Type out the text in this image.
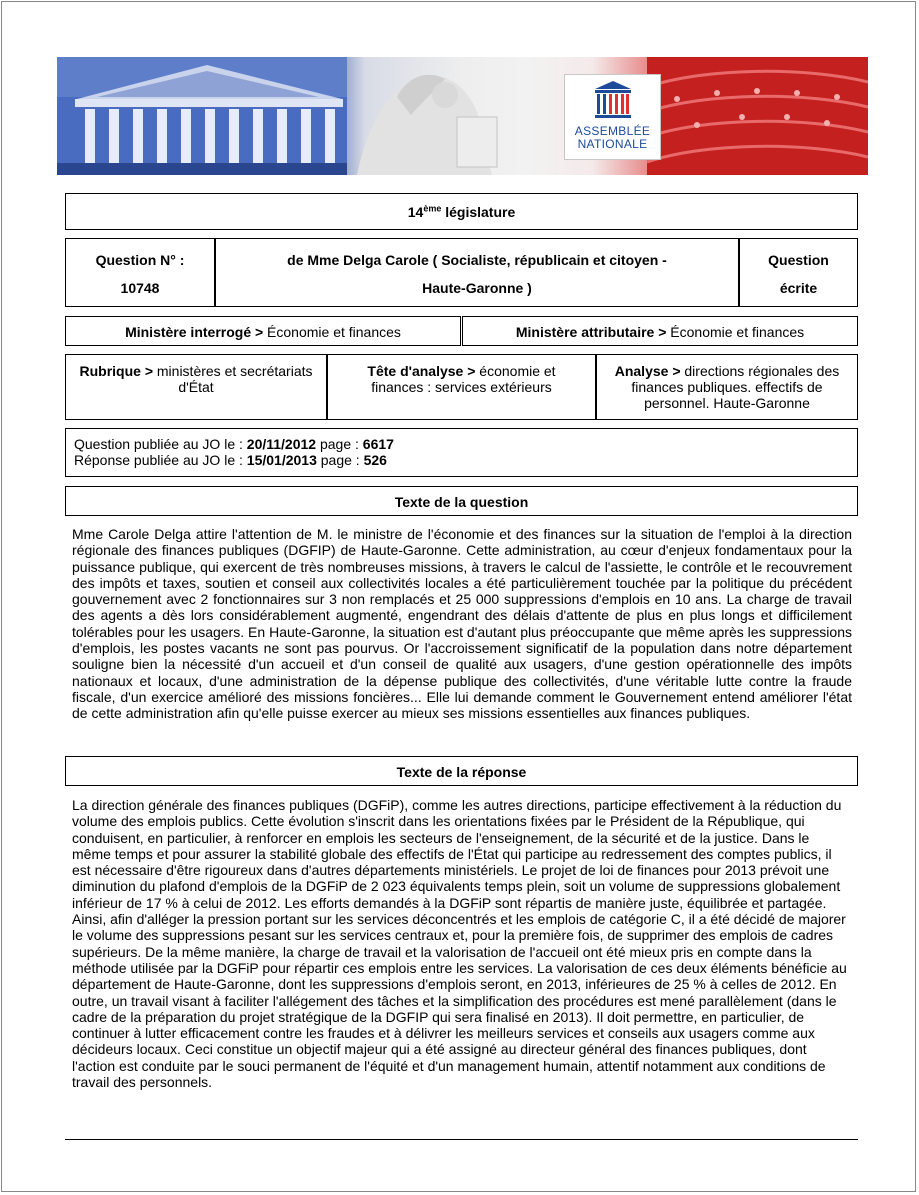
ASSEMBLÉE
NATIONALE
14ème législature
Question N° :
10748
de Mme Delga Carole ( Socialiste, républicain et citoyen -
Haute-Garonne )
Question
écrite
Ministère interrogé > Économie et finances	Ministère attributaire > Économie et finances
Rubrique > ministères et secrétariats d'État
Tête d'analyse > économie et finances : services extérieurs
Analyse > directions régionales des finances publiques. effectifs de personnel. Haute-Garonne
Question publiée au JO le : 20/11/2012 page : 6617
Réponse publiée au JO le : 15/01/2013 page : 526
Texte de la question
Mme Carole Delga attire l'attention de M. le ministre de l'économie et des finances sur la situation de l'emploi à la direction régionale des finances publiques (DGFIP) de Haute-Garonne. Cette administration, au cœur d'enjeux fondamentaux pour la puissance publique, qui exercent de très nombreuses missions, à travers le calcul de l'assiette, le contrôle et le recouvrement des impôts et taxes, soutien et conseil aux collectivités locales a été particulièrement touchée par la politique du précédent gouvernement avec 2 fonctionnaires sur 3 non remplacés et 25 000 suppressions d'emplois en 10 ans. La charge de travail des agents a dès lors considérablement augmenté, engendrant des délais d'attente de plus en plus longs et difficilement tolérables pour les usagers. En Haute-Garonne, la situation est d'autant plus préoccupante que même après les suppressions d'emplois, les postes vacants ne sont pas pourvus. Or l'accroissement significatif de la population dans notre département souligne bien la nécessité d'un accueil et d'un conseil de qualité aux usagers, d'une gestion opérationnelle des impôts nationaux et locaux, d'une administration de la dépense publique des collectivités, d'une véritable lutte contre la fraude fiscale, d'un exercice amélioré des missions foncières... Elle lui demande comment le Gouvernement entend améliorer l'état de cette administration afin qu'elle puisse exercer au mieux ses missions essentielles aux finances publiques.
Texte de la réponse
La direction générale des finances publiques (DGFiP), comme les autres directions, participe effectivement à la réduction du volume des emplois publics. Cette évolution s'inscrit dans les orientations fixées par le Président de la République, qui conduisent, en particulier, à renforcer en emplois les secteurs de l'enseignement, de la sécurité et de la justice. Dans le même temps et pour assurer la stabilité globale des effectifs de l'État qui participe au redressement des comptes publics, il est nécessaire d'être rigoureux dans d'autres départements ministériels. Le projet de loi de finances pour 2013 prévoit une diminution du plafond d'emplois de la DGFiP de 2 023 équivalents temps plein, soit un volume de suppressions globalement inférieur de 17 % à celui de 2012. Les efforts demandés à la DGFiP sont répartis de manière juste, équilibrée et partagée. Ainsi, afin d'alléger la pression portant sur les services déconcentrés et les emplois de catégorie C, il a été décidé de majorer le volume des suppressions pesant sur les services centraux et, pour la première fois, de supprimer des emplois de cadres supérieurs. De la même manière, la charge de travail et la valorisation de l'accueil ont été mieux pris en compte dans la méthode utilisée par la DGFiP pour répartir ces emplois entre les services. La valorisation de ces deux éléments bénéficie au département de Haute-Garonne, dont les suppressions d'emplois seront, en 2013, inférieures de 25 % à celles de 2012. En outre, un travail visant à faciliter l'allégement des tâches et la simplification des procédures est mené parallèlement (dans le cadre de la préparation du projet stratégique de la DGFIP qui sera finalisé en 2013). Il doit permettre, en particulier, de continuer à lutter efficacement contre les fraudes et à délivrer les meilleurs services et conseils aux usagers comme aux décideurs locaux. Ceci constitue un objectif majeur qui a été assigné au directeur général des finances publiques, dont l'action est conduite par le souci permanent de l'équité et d'un management humain, attentif notamment aux conditions de travail des personnels.
